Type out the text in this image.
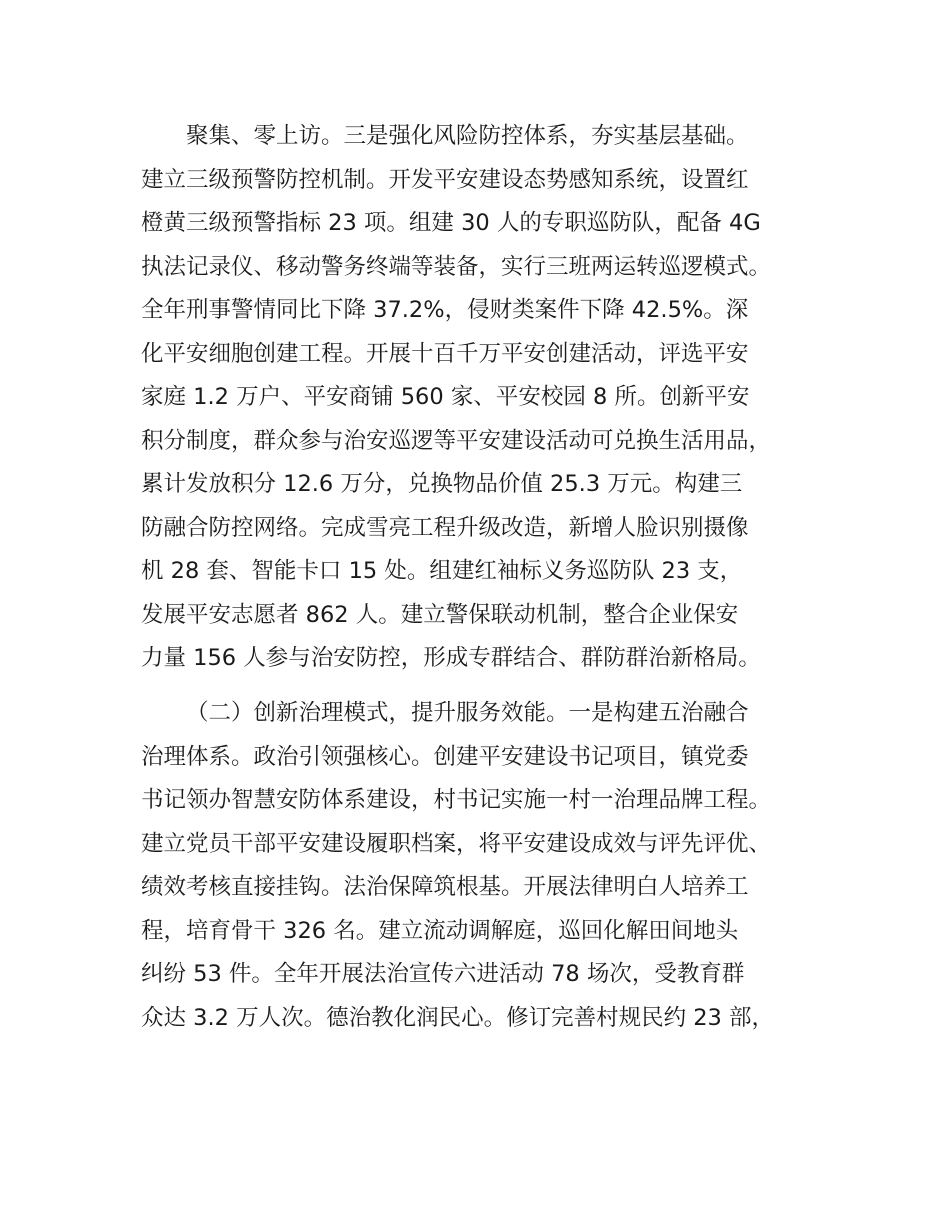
聚集、零上访。三是强化风险防控体系，夯实基层基础。
建立三级预警防控机制。开发平安建设态势感知系统，设置红
橙黄三级预警指标 23 项。组建 30 人的专职巡防队，配备 4G
执法记录仪、移动警务终端等装备，实行三班两运转巡逻模式。
全年刑事警情同比下降 37.2%，侵财类案件下降 42.5%。深
化平安细胞创建工程。开展十百千万平安创建活动，评选平安
家庭 1.2 万户、平安商铺 560 家、平安校园 8 所。创新平安
积分制度，群众参与治安巡逻等平安建设活动可兑换生活用品，
累计发放积分 12.6 万分，兑换物品价值 25.3 万元。构建三
防融合防控网络。完成雪亮工程升级改造，新增人脸识别摄像
机 28 套、智能卡口 15 处。组建红袖标义务巡防队 23 支，
发展平安志愿者 862 人。建立警保联动机制，整合企业保安
力量 156 人参与治安防控，形成专群结合、群防群治新格局。
（二）创新治理模式，提升服务效能。一是构建五治融合
治理体系。政治引领强核心。创建平安建设书记项目，镇党委
书记领办智慧安防体系建设，村书记实施一村一治理品牌工程。
建立党员干部平安建设履职档案，将平安建设成效与评先评优、
绩效考核直接挂钩。法治保障筑根基。开展法律明白人培养工
程，培育骨干 326 名。建立流动调解庭，巡回化解田间地头
纠纷 53 件。全年开展法治宣传六进活动 78 场次，受教育群
众达 3.2 万人次。德治教化润民心。修订完善村规民约 23 部，
